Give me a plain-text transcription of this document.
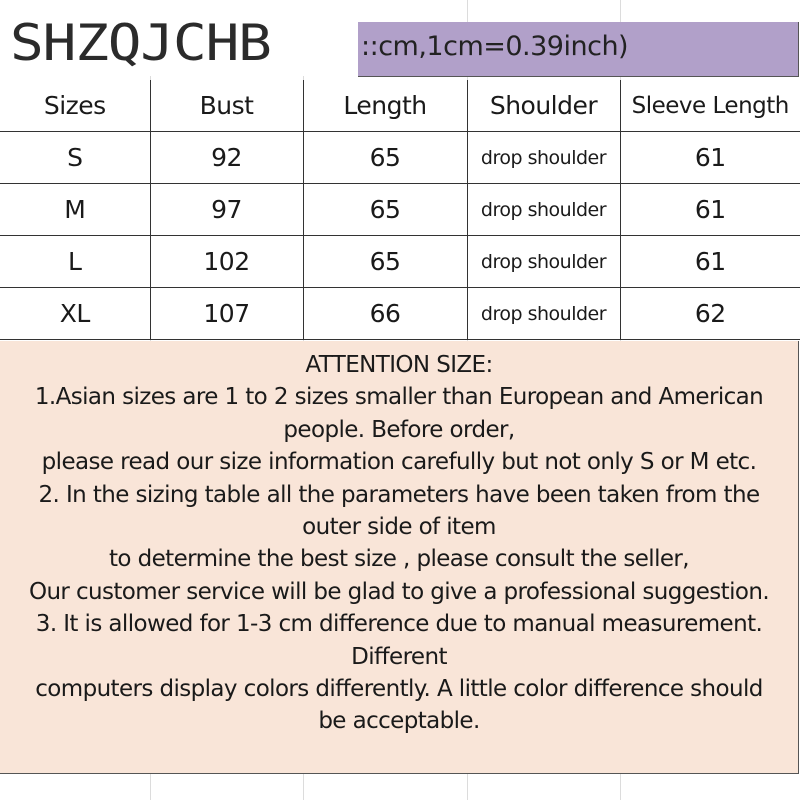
::cm,1cm=0.39inch)
SHZQJCHB
Sizes	Bust	Length	Shoulder	Sleeve Length
S	92	65	drop shoulder	61
M	97	65	drop shoulder	61
L	102	65	drop shoulder	61
XL	107	66	drop shoulder	62
ATTENTION SIZE:
1.Asian sizes are 1 to 2 sizes smaller than European and American
people. Before order,
please read our size information carefully but not only S or M etc.
2. In the sizing table all the parameters have been taken from the
outer side of item
to determine the best size , please consult the seller,
Our customer service will be glad to give a professional suggestion.
3. It is allowed for 1-3 cm difference due to manual measurement.
Different
computers display colors differently. A little color difference should
be acceptable.
